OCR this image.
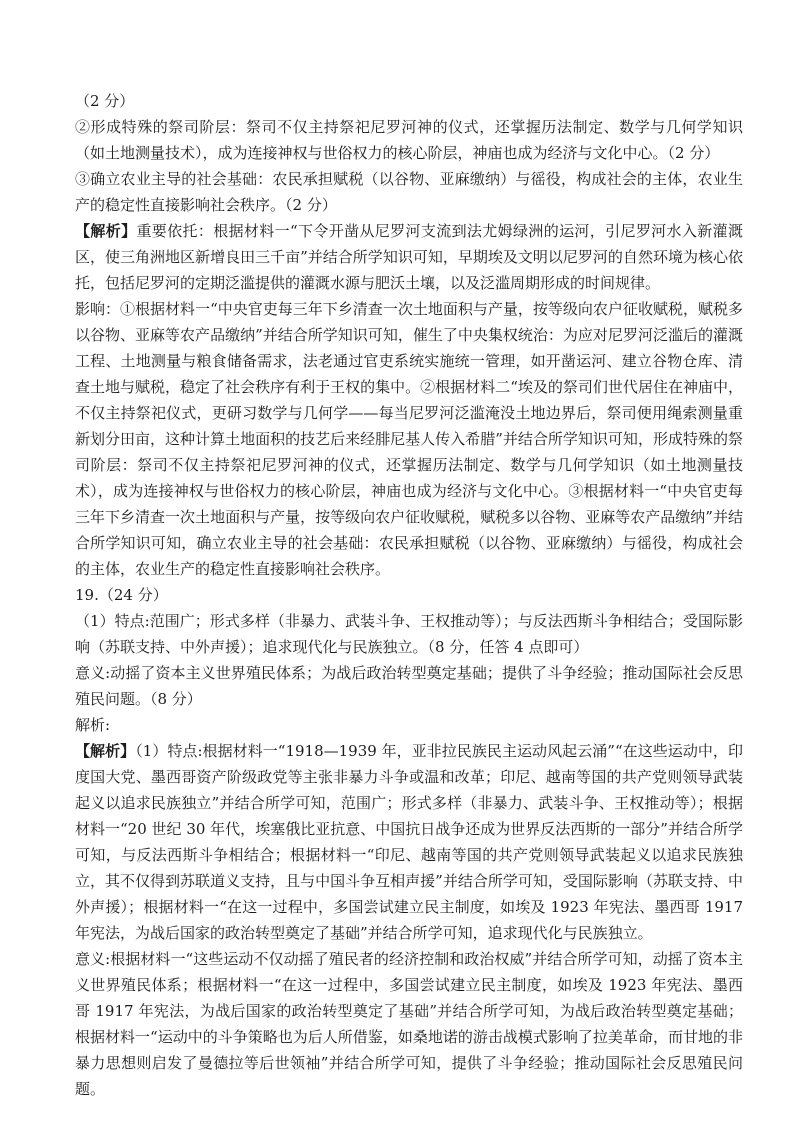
（2 分）

②形成特殊的祭司阶层：祭司不仅主持祭祀尼罗河神的仪式，还掌握历法制定、数学与几何学知识（如土地测量技术），成为连接神权与世俗权力的核心阶层，神庙也成为经济与文化中心。（2 分）

③确立农业主导的社会基础：农民承担赋税（以谷物、亚麻缴纳）与徭役，构成社会的主体，农业生产的稳定性直接影响社会秩序。（2 分）

【解析】重要依托：根据材料一“下令开凿从尼罗河支流到法尤姆绿洲的运河，引尼罗河水入新灌溉区，使三角洲地区新增良田三千亩”并结合所学知识可知，早期埃及文明以尼罗河的自然环境为核心依托，包括尼罗河的定期泛滥提供的灌溉水源与肥沃土壤，以及泛滥周期形成的时间规律。

影响：①根据材料一“中央官吏每三年下乡清查一次土地面积与产量，按等级向农户征收赋税，赋税多以谷物、亚麻等农产品缴纳”并结合所学知识可知，催生了中央集权统治：为应对尼罗河泛滥后的灌溉工程、土地测量与粮食储备需求，法老通过官吏系统实施统一管理，如开凿运河、建立谷物仓库、清查土地与赋税，稳定了社会秩序有利于王权的集中。②根据材料二“埃及的祭司们世代居住在神庙中，不仅主持祭祀仪式，更研习数学与几何学——每当尼罗河泛滥淹没土地边界后，祭司便用绳索测量重新划分田亩，这种计算土地面积的技艺后来经腓尼基人传入希腊”并结合所学知识可知，形成特殊的祭司阶层：祭司不仅主持祭祀尼罗河神的仪式，还掌握历法制定、数学与几何学知识（如土地测量技术），成为连接神权与世俗权力的核心阶层，神庙也成为经济与文化中心。③根据材料一“中央官吏每三年下乡清查一次土地面积与产量，按等级向农户征收赋税，赋税多以谷物、亚麻等农产品缴纳”并结合所学知识可知，确立农业主导的社会基础：农民承担赋税（以谷物、亚麻缴纳）与徭役，构成社会的主体，农业生产的稳定性直接影响社会秩序。

19.（24 分）

（1）特点:范围广；形式多样（非暴力、武装斗争、王权推动等）；与反法西斯斗争相结合；受国际影响（苏联支持、中外声援）；追求现代化与民族独立。（8 分，任答 4 点即可）

意义:动摇了资本主义世界殖民体系；为战后政治转型奠定基础；提供了斗争经验；推动国际社会反思殖民问题。（8 分）

解析:

【解析】（1）特点:根据材料一“1918—1939 年，亚非拉民族民主运动风起云涌”“在这些运动中，印度国大党、墨西哥资产阶级政党等主张非暴力斗争或温和改革；印尼、越南等国的共产党则领导武装起义以追求民族独立”并结合所学可知，范围广；形式多样（非暴力、武装斗争、王权推动等）；根据材料一“20 世纪 30 年代，埃塞俄比亚抗意、中国抗日战争还成为世界反法西斯的一部分”并结合所学可知，与反法西斯斗争相结合；根据材料一“印尼、越南等国的共产党则领导武装起义以追求民族独立，其不仅得到苏联道义支持，且与中国斗争互相声援”并结合所学可知，受国际影响（苏联支持、中外声援）；根据材料一“在这一过程中，多国尝试建立民主制度，如埃及 1923 年宪法、墨西哥 1917 年宪法，为战后国家的政治转型奠定了基础”并结合所学可知，追求现代化与民族独立。

意义:根据材料一“这些运动不仅动摇了殖民者的经济控制和政治权威”并结合所学可知，动摇了资本主义世界殖民体系；根据材料一“在这一过程中，多国尝试建立民主制度，如埃及 1923 年宪法、墨西哥 1917 年宪法，为战后国家的政治转型奠定了基础”并结合所学可知，为战后政治转型奠定基础；根据材料一“运动中的斗争策略也为后人所借鉴，如桑地诺的游击战模式影响了拉美革命，而甘地的非暴力思想则启发了曼德拉等后世领袖”并结合所学可知，提供了斗争经验；推动国际社会反思殖民问题。
